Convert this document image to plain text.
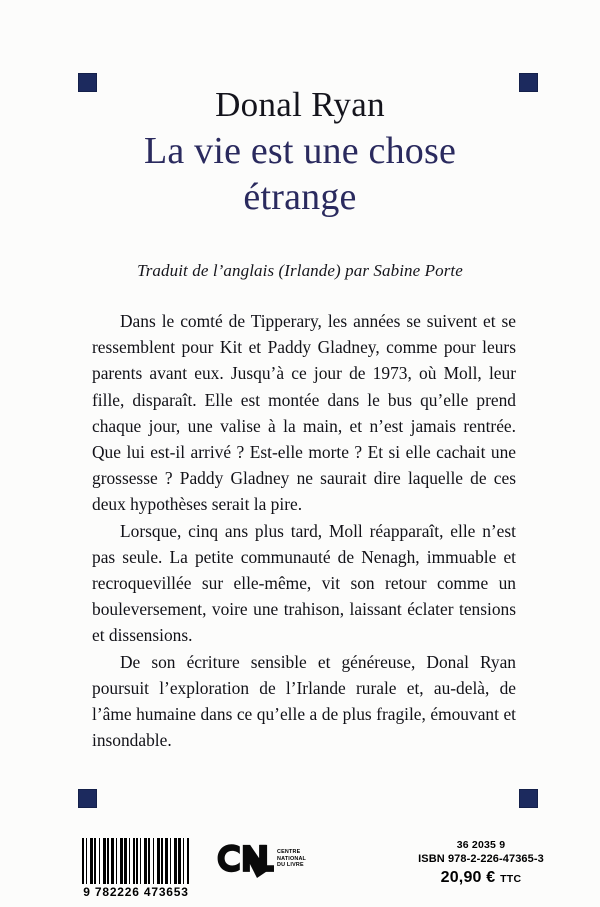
Donal Ryan
La vie est une chose
étrange
Traduit de l’anglais (Irlande) par Sabine Porte

Dans le comté de Tipperary, les années se suivent et se ressemblent pour Kit et Paddy Gladney, comme pour leurs parents avant eux. Jusqu’à ce jour de 1973, où Moll, leur fille, disparaît. Elle est montée dans le bus qu’elle prend chaque jour, une valise à la main, et n’est jamais rentrée. Que lui est-il arrivé ? Est-elle morte ? Et si elle cachait une grossesse ? Paddy Gladney ne saurait dire laquelle de ces deux hypothèses serait la pire.

Lorsque, cinq ans plus tard, Moll réapparaît, elle n’est pas seule. La petite communauté de Nenagh, immuable et recroquevillée sur elle-même, vit son retour comme un bouleversement, voire une trahison, laissant éclater tensions et dissensions.

De son écriture sensible et généreuse, Donal Ryan poursuit l’exploration de l’Irlande rurale et, au-delà, de l’âme humaine dans ce qu’elle a de plus fragile, émouvant et insondable.

9 782226 473653
CENTRE
NATIONAL
DU LIVRE
36 2035 9
ISBN 978-2-226-47365-3
20,90 € TTC
